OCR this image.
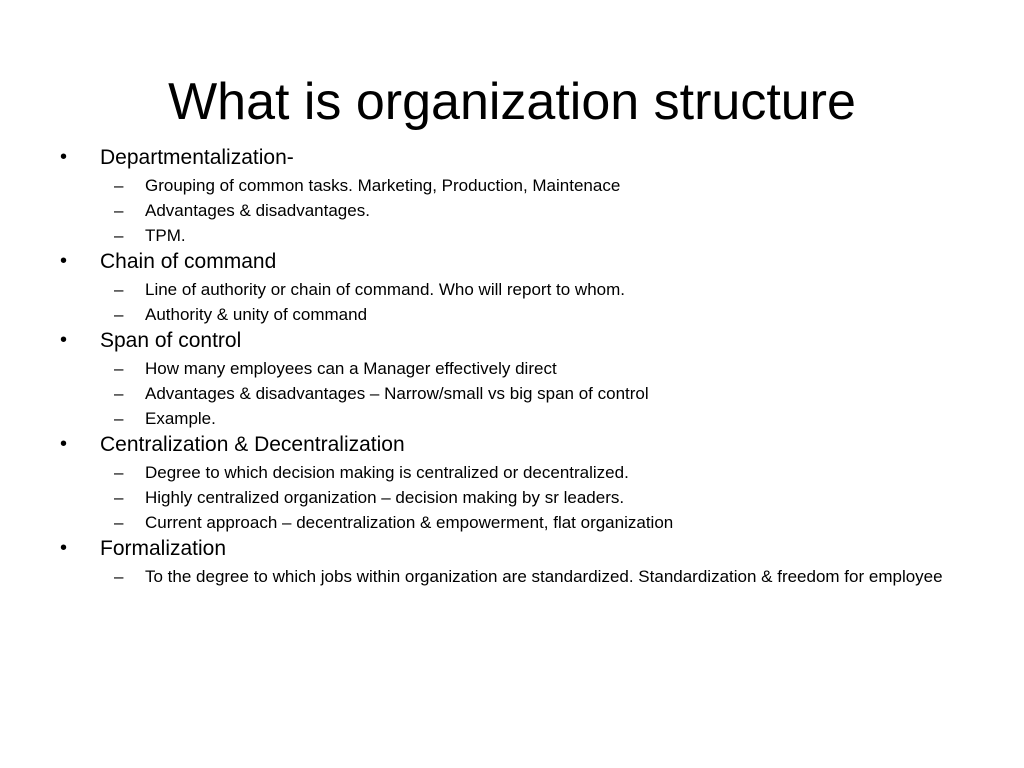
What is organization structure
• Departmentalization-
– Grouping of common tasks. Marketing, Production, Maintenace
– Advantages & disadvantages.
– TPM.
• Chain of command
– Line of authority or chain of command. Who will report to whom.
– Authority & unity of command
• Span of control
– How many employees can a Manager effectively direct
– Advantages & disadvantages – Narrow/small vs big span of control
– Example.
• Centralization & Decentralization
– Degree to which decision making is centralized or decentralized.
– Highly centralized organization – decision making by sr leaders.
– Current approach – decentralization & empowerment, flat organization
• Formalization
– To the degree to which jobs within organization are standardized. Standardization & freedom for employee
